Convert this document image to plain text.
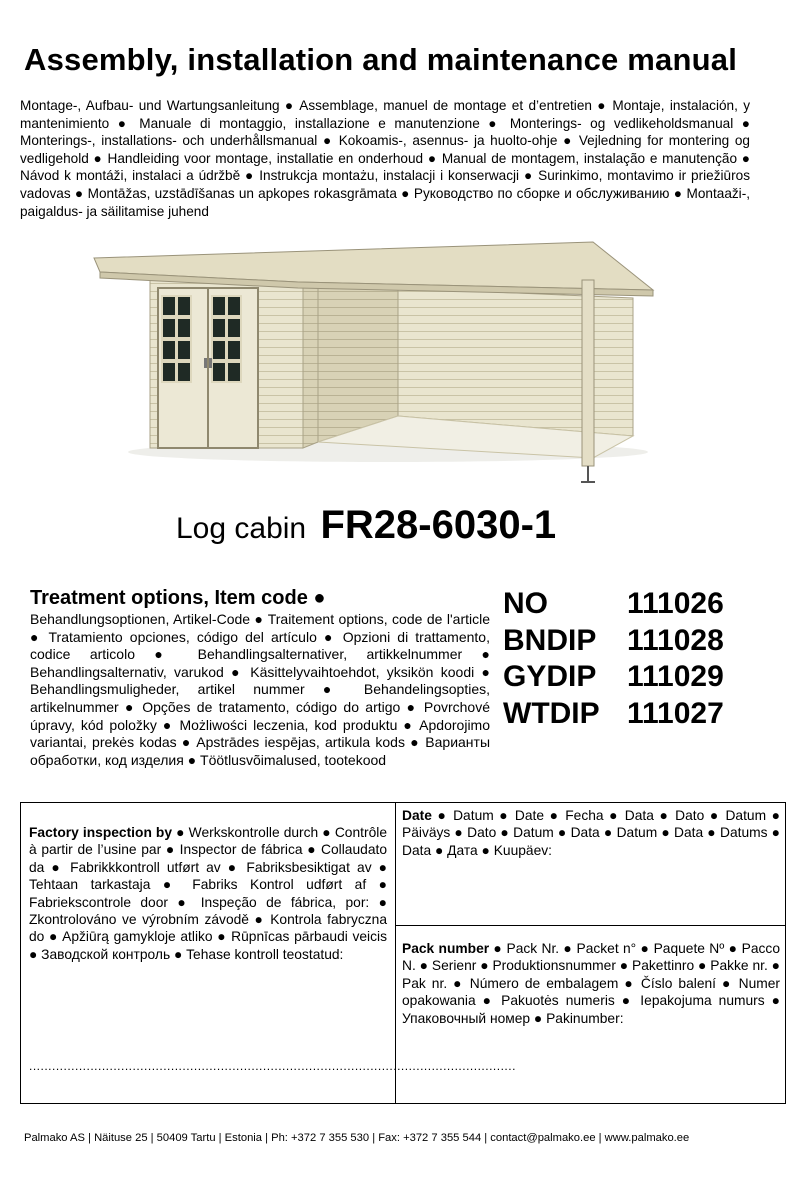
Assembly, installation and maintenance manual
Montage-, Aufbau- und Wartungsanleitung ● Assemblage, manuel de montage et d’entretien ● Montaje, instalación, y mantenimiento ● Manuale di montaggio, installazione e manutenzione ● Monterings- og vedlikeholdsmanual ● Monterings-, installations- och underhållsmanual ● Kokoamis-, asennus- ja huolto-ohje ● Vejledning for montering og vedligehold ● Handleiding voor montage, installatie en onderhoud ● Manual de montagem, instalação e manutenção ● Návod k montáži, instalaci a údržbě ● Instrukcja montażu, instalacji i konserwacji ● Surinkimo, montavimo ir priežiūros vadovas ● Montāžas, uzstādīšanas un apkopes rokasgrāmata ● Руководство по сборке и обслуживанию ● Montaaži-, paigaldus- ja säilitamise juhend
Log cabin FR28-6030-1
Treatment options, Item code ●
Behandlungsoptionen, Artikel-Code ● Traitement options, code de l'article ● Tratamiento opciones, código del artículo ● Opzioni di trattamento, codice articolo ● Behandlingsalternativer, artikkelnummer ● Behandlingsalternativ, varukod ● Käsittelyvaihtoehdot, yksikön koodi ● Behandlingsmuligheder, artikel nummer ● Behandelingsopties, artikelnummer ● Opções de tratamento, código do artigo ● Povrchové úpravy, kód položky ● Możliwości leczenia, kod produktu ● Apdorojimo variantai, prekės kodas ● Apstrādes iespējas, artikula kods ● Варианты обработки, код изделия ● Töötlusvõimalused, tootekood
NO	111026
BNDIP	111028
GYDIP	111029
WTDIP 111027
Factory inspection by ● Werkskontrolle durch ● Contrôle à partir de l’usine par ● Inspector de fábrica ● Collaudato da ● Fabrikkkontroll utført av ● Fabriksbesiktigat av ● Tehtaan tarkastaja ● Fabriks Kontrol udført af ● Fabriekscontrole door ● Inspeção de fábrica, por: ● Zkontrolováno ve výrobním závodě ● Kontrola fabryczna do ● Apžiūrą gamykloje atliko ● Rūpnīcas pārbaudi veicis ● Заводской контроль ● Tehase kontroll teostatud:
...............................................................................................................................
Date ● Datum ● Date ● Fecha ● Data ● Dato ● Datum ● Päiväys ● Dato ● Datum ● Data ● Datum ● Data ● Datums ● Data ● Дата ● Kuupäev:
Pack number ● Pack Nr. ● Packet n° ● Paquete Nº ● Pacco N. ● Serienr ● Produktionsnummer ● Pakettinro ● Pakke nr. ● Pak nr. ● Número de embalagem ● Číslo balení ● Numer opakowania ● Pakuotės numeris ● Iepakojuma numurs ● Упаковочный номер ● Pakinumber:
Palmako AS | Näituse 25 | 50409 Tartu | Estonia | Ph: +372 7 355 530 | Fax: +372 7 355 544 | contact@palmako.ee | www.palmako.ee
